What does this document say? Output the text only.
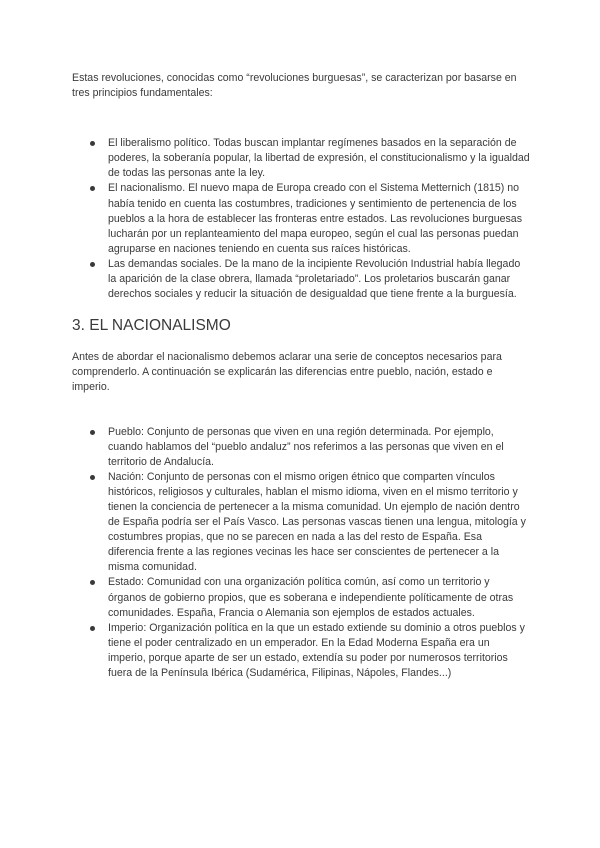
Estas revoluciones, conocidas como “revoluciones burguesas”, se caracterizan por basarse en tres principios fundamentales:

El liberalismo político. Todas buscan implantar regímenes basados en la separación de poderes, la soberanía popular, la libertad de expresión, el constitucionalismo y la igualdad de todas las personas ante la ley.
El nacionalismo. El nuevo mapa de Europa creado con el Sistema Metternich (1815) no había tenido en cuenta las costumbres, tradiciones y sentimiento de pertenencia de los pueblos a la hora de establecer las fronteras entre estados. Las revoluciones burguesas lucharán por un replanteamiento del mapa europeo, según el cual las personas puedan agruparse en naciones teniendo en cuenta sus raíces históricas.
Las demandas sociales. De la mano de la incipiente Revolución Industrial había llegado la aparición de la clase obrera, llamada “proletariado”. Los proletarios buscarán ganar derechos sociales y reducir la situación de desigualdad que tiene frente a la burguesía.
3. EL NACIONALISMO

Antes de abordar el nacionalismo debemos aclarar una serie de conceptos necesarios para comprenderlo. A continuación se explicarán las diferencias entre pueblo, nación, estado e imperio.

Pueblo: Conjunto de personas que viven en una región determinada. Por ejemplo, cuando hablamos del “pueblo andaluz” nos referimos a las personas que viven en el territorio de Andalucía.
Nación: Conjunto de personas con el mismo origen étnico que comparten vínculos históricos, religiosos y culturales, hablan el mismo idioma, viven en el mismo territorio y tienen la conciencia de pertenecer a la misma comunidad. Un ejemplo de nación dentro de España podría ser el País Vasco. Las personas vascas tienen una lengua, mitología y costumbres propias, que no se parecen en nada a las del resto de España. Esa diferencia frente a las regiones vecinas les hace ser conscientes de pertenecer a la misma comunidad.
Estado: Comunidad con una organización política común, así como un territorio y órganos de gobierno propios, que es soberana e independiente políticamente de otras comunidades. España, Francia o Alemania son ejemplos de estados actuales.
Imperio: Organización política en la que un estado extiende su dominio a otros pueblos y tiene el poder centralizado en un emperador. En la Edad Moderna España era un imperio, porque aparte de ser un estado, extendía su poder por numerosos territorios fuera de la Península Ibérica (Sudamérica, Filipinas, Nápoles, Flandes...)
